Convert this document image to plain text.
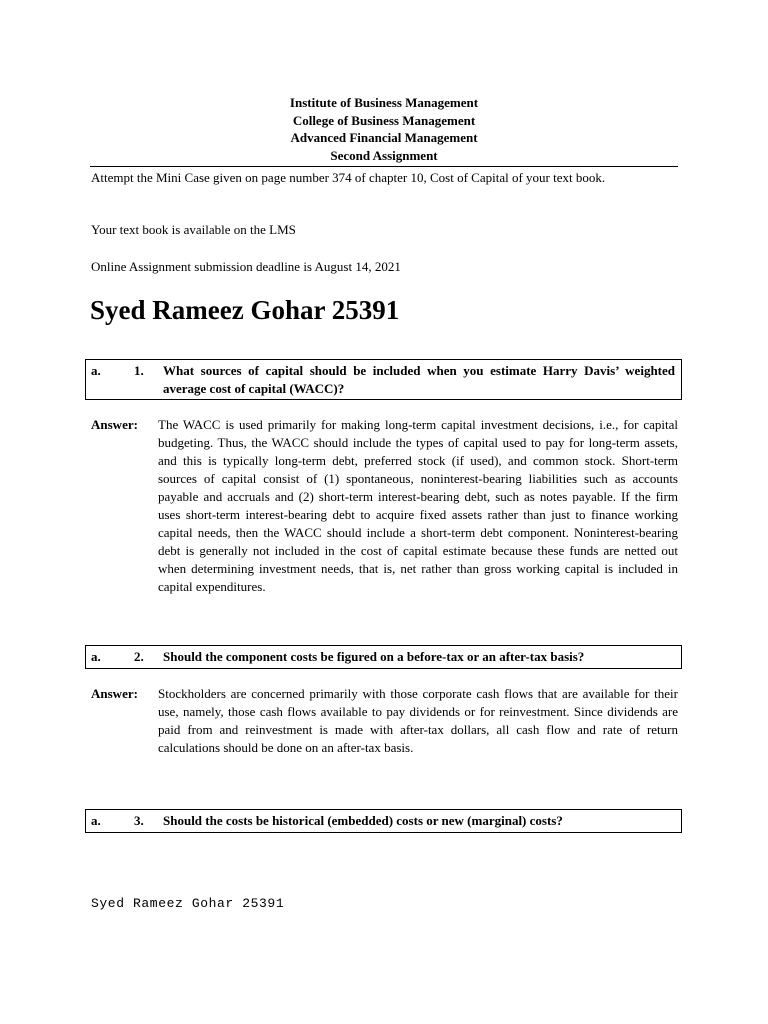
Institute of Business Management
College of Business Management
Advanced Financial Management
Second Assignment
Attempt the Mini Case given on page number 374 of chapter 10, Cost of Capital of your text book.
Your text book is available on the LMS
Online Assignment submission deadline is August 14, 2021
Syed Rameez Gohar 25391
a.	1. What sources of capital should be included when you estimate Harry Davis’ weighted average cost of capital (WACC)?
Answer: The WACC is used primarily for making long-term capital investment decisions, i.e., for capital budgeting. Thus, the WACC should include the types of capital used to pay for long-term assets, and this is typically long-term debt, preferred stock (if used), and common stock. Short-term sources of capital consist of (1) spontaneous, noninterest-bearing liabilities such as accounts payable and accruals and (2) short-term interest-bearing debt, such as notes payable. If the firm uses short-term interest-bearing debt to acquire fixed assets rather than just to finance working capital needs, then the WACC should include a short-term debt component. Noninterest-bearing debt is generally not included in the cost of capital estimate because these funds are netted out when determining investment needs, that is, net rather than gross working capital is included in capital expenditures.
a.	2. Should the component costs be figured on a before-tax or an after-tax basis?
Answer: Stockholders are concerned primarily with those corporate cash flows that are available for their use, namely, those cash flows available to pay dividends or for reinvestment. Since dividends are paid from and reinvestment is made with after-tax dollars, all cash flow and rate of return calculations should be done on an after-tax basis.
a.	3. Should the costs be historical (embedded) costs or new (marginal) costs?
Syed Rameez Gohar 25391
